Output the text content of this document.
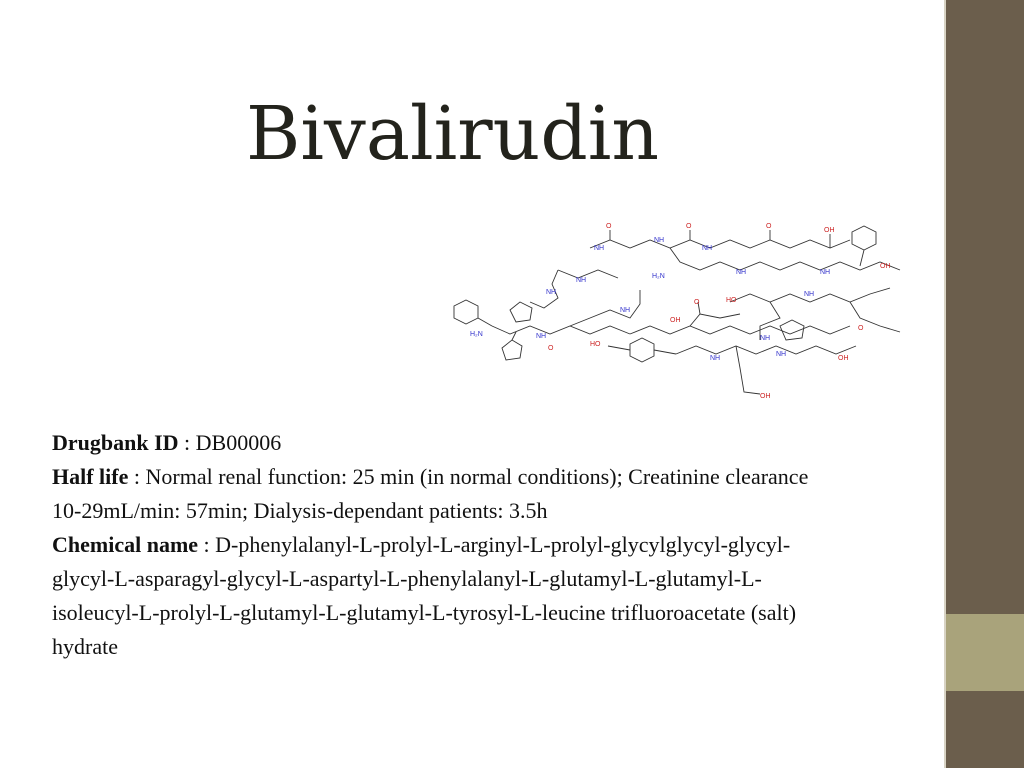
Bivalirudin
NH
NH
NH
O
O
O
OH
H₂N
NH	NH
OH
NH
NH
NH
H₂N	NH
O
HO
OH
NH
NH
NH
OH
HO
NH
O
OH
O

Drugbank ID : DB00006

Half life : Normal renal function: 25 min (in normal conditions); Creatinine clearance 10-29mL/min: 57min; Dialysis-dependant patients: 3.5h

Chemical name : D-phenylalanyl-L-prolyl-L-arginyl-L-prolyl-glycylglycyl-glycyl-glycyl-L-asparagyl-glycyl-L-aspartyl-L-phenylalanyl-L-glutamyl-L-glutamyl-L-isoleucyl-L-prolyl-L-glutamyl-L-glutamyl-L-tyrosyl-L-leucine trifluoroacetate (salt) hydrate
